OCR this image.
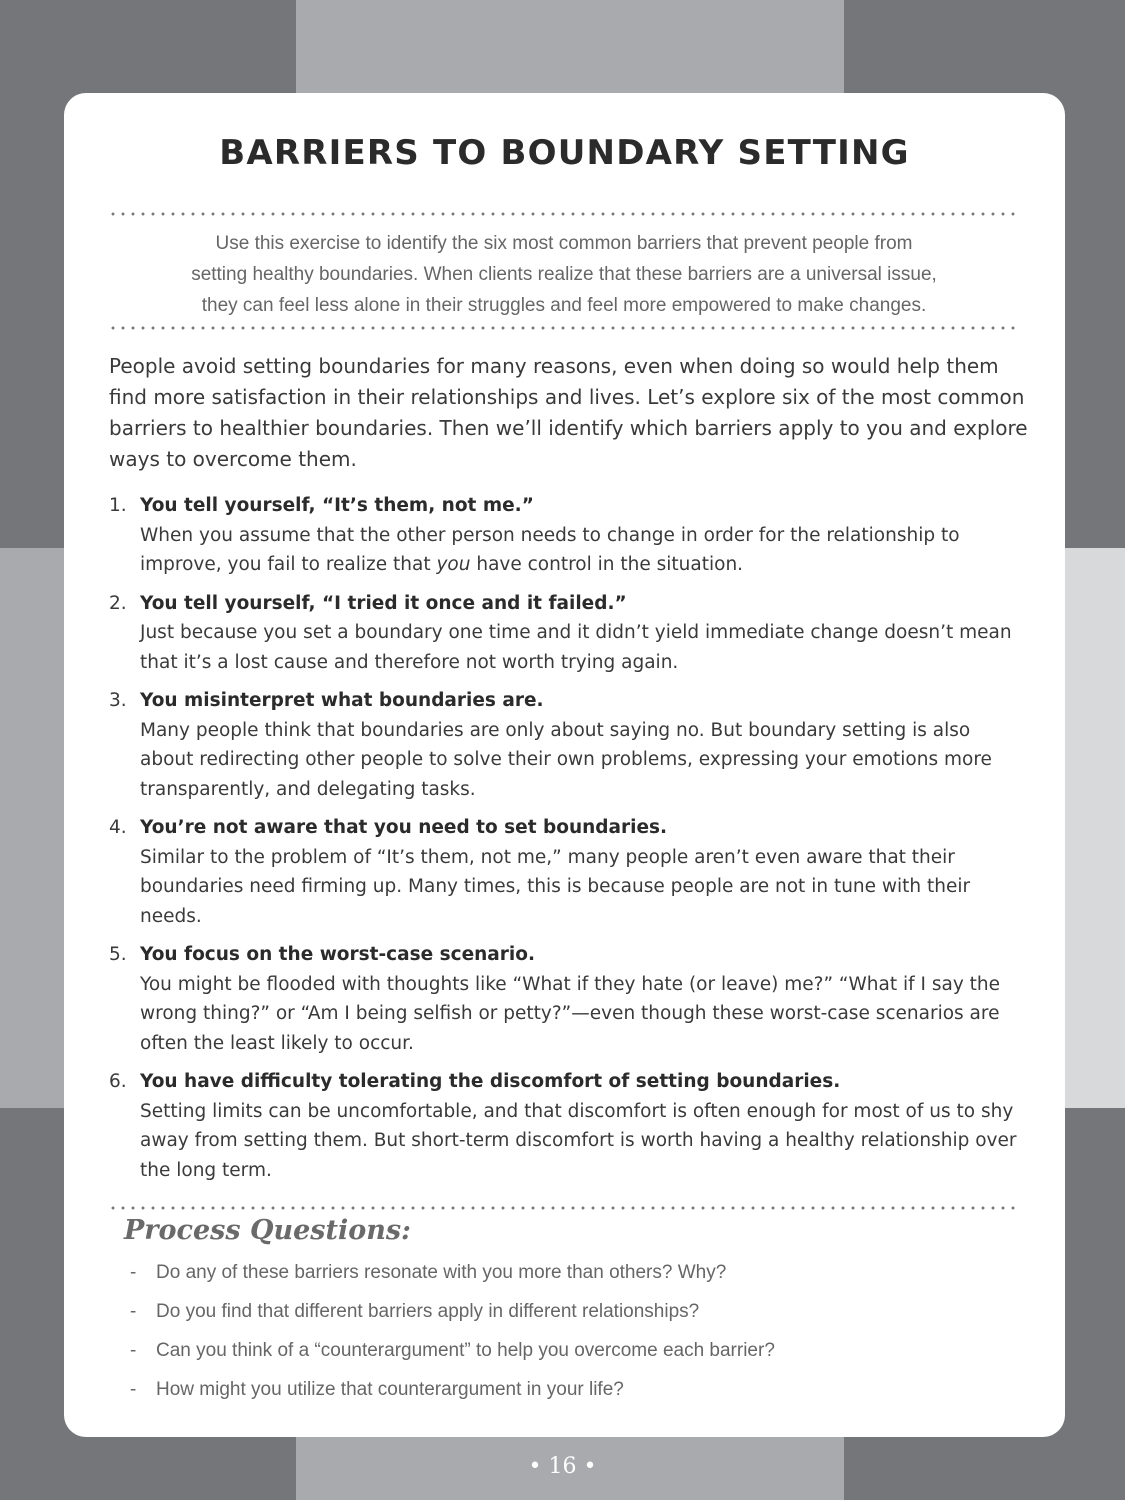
BARRIERS TO BOUNDARY SETTING
Use this exercise to identify the six most common barriers that prevent people from
setting healthy boundaries. When clients realize that these barriers are a universal issue,
they can feel less alone in their struggles and feel more empowered to make changes.

People avoid setting boundaries for many reasons, even when doing so would help them find more satisfaction in their relationships and lives. Let’s explore six of the most common barriers to healthier boundaries. Then we’ll identify which barriers apply to you and explore ways to overcome them.

1. You tell yourself, “It’s them, not me.”
When you assume that the other person needs to change in order for the relationship to improve, you fail to realize that you have control in the situation.
2. You tell yourself, “I tried it once and it failed.”
Just because you set a boundary one time and it didn’t yield immediate change doesn’t mean that it’s a lost cause and therefore not worth trying again.
3. You misinterpret what boundaries are.
Many people think that boundaries are only about saying no. But boundary setting is also about redirecting other people to solve their own problems, expressing your emotions more transparently, and delegating tasks.
4. You’re not aware that you need to set boundaries.
Similar to the problem of “It’s them, not me,” many people aren’t even aware that their boundaries need firming up. Many times, this is because people are not in tune with their needs.
5. You focus on the worst-case scenario.
You might be flooded with thoughts like “What if they hate (or leave) me?” “What if I say the wrong thing?” or “Am I being selfish or petty?”—even though these worst-case scenarios are often the least likely to occur.
6. You have difficulty tolerating the discomfort of setting boundaries.
Setting limits can be uncomfortable, and that discomfort is often enough for most of us to shy away from setting them. But short-term discomfort is worth having a healthy relationship over the long term.
Process Questions:
- Do any of these barriers resonate with you more than others? Why?
- Do you find that different barriers apply in different relationships?
- Can you think of a “counterargument” to help you overcome each barrier?
- How might you utilize that counterargument in your life?
• 16 •
